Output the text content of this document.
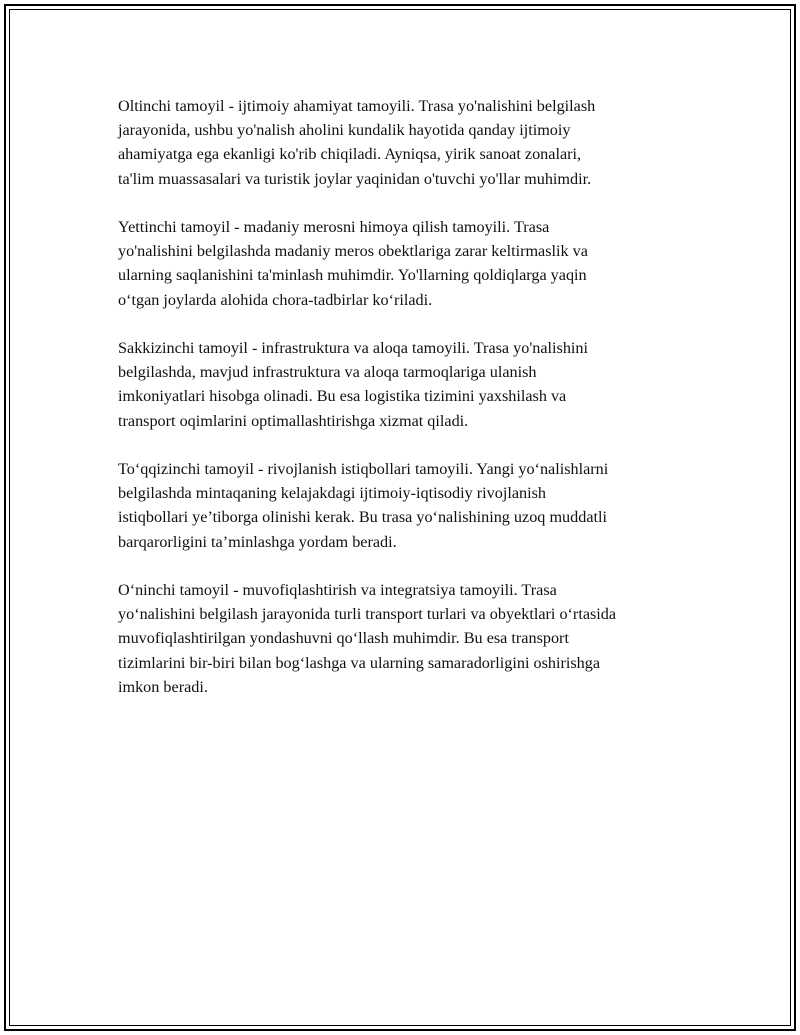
Oltinchi tamoyil - ijtimoiy ahamiyat tamoyili. Trasa yo'nalishini belgilash
jarayonida, ushbu yo'nalish aholini kundalik hayotida qanday ijtimoiy
ahamiyatga ega ekanligi ko'rib chiqiladi. Ayniqsa, yirik sanoat zonalari,
ta'lim muassasalari va turistik joylar yaqinidan o'tuvchi yo'llar muhimdir.

Yettinchi tamoyil - madaniy merosni himoya qilish tamoyili. Trasa
yo'nalishini belgilashda madaniy meros obektlariga zarar keltirmaslik va
ularning saqlanishini ta'minlash muhimdir. Yo'llarning qoldiqlarga yaqin
o‘tgan joylarda alohida chora-tadbirlar ko‘riladi.

Sakkizinchi tamoyil - infrastruktura va aloqa tamoyili. Trasa yo'nalishini
belgilashda, mavjud infrastruktura va aloqa tarmoqlariga ulanish
imkoniyatlari hisobga olinadi. Bu esa logistika tizimini yaxshilash va
transport oqimlarini optimallashtirishga xizmat qiladi.

To‘qqizinchi tamoyil - rivojlanish istiqbollari tamoyili. Yangi yo‘nalishlarni
belgilashda mintaqaning kelajakdagi ijtimoiy-iqtisodiy rivojlanish
istiqbollari ye’tiborga olinishi kerak. Bu trasa yo‘nalishining uzoq muddatli
barqarorligini ta’minlashga yordam beradi.

O‘ninchi tamoyil - muvofiqlashtirish va integratsiya tamoyili. Trasa
yo‘nalishini belgilash jarayonida turli transport turlari va obyektlari o‘rtasida
muvofiqlashtirilgan yondashuvni qo‘llash muhimdir. Bu esa transport
tizimlarini bir-biri bilan bog‘lashga va ularning samaradorligini oshirishga
imkon beradi.
